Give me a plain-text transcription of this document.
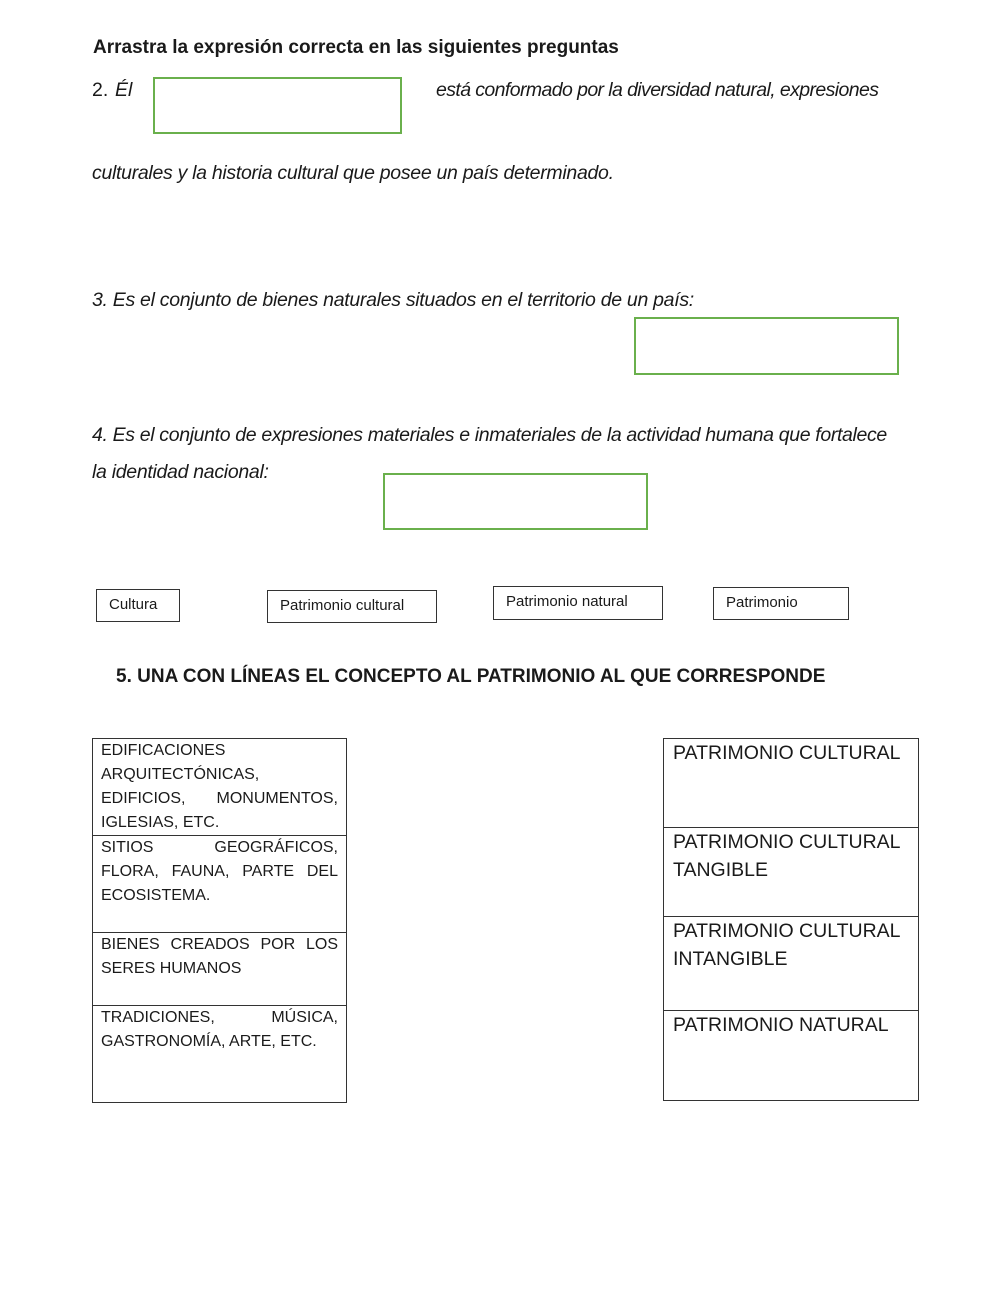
Arrastra la expresión correcta en las siguientes preguntas
2. Él	está conformado por la diversidad natural, expresiones
culturales y la historia cultural que posee un país determinado.
3. Es el conjunto de bienes naturales situados en el territorio de un país:
4. Es el conjunto de expresiones materiales e inmateriales de la actividad humana que fortalece
la identidad nacional:
Cultura	Patrimonio cultural	Patrimonio natural	Patrimonio
5. UNA CON LÍNEAS EL CONCEPTO AL PATRIMONIO AL QUE CORRESPONDE
EDIFICACIONES ARQUITECTÓNICAS, EDIFICIOS, MONUMENTOS, IGLESIAS, ETC.
SITIOS GEOGRÁFICOS, FLORA, FAUNA, PARTE DEL ECOSISTEMA.
BIENES CREADOS POR LOS SERES HUMANOS
TRADICIONES, MÚSICA, GASTRONOMÍA, ARTE, ETC.
PATRIMONIO CULTURAL
PATRIMONIO CULTURAL TANGIBLE
PATRIMONIO CULTURAL INTANGIBLE
PATRIMONIO NATURAL
